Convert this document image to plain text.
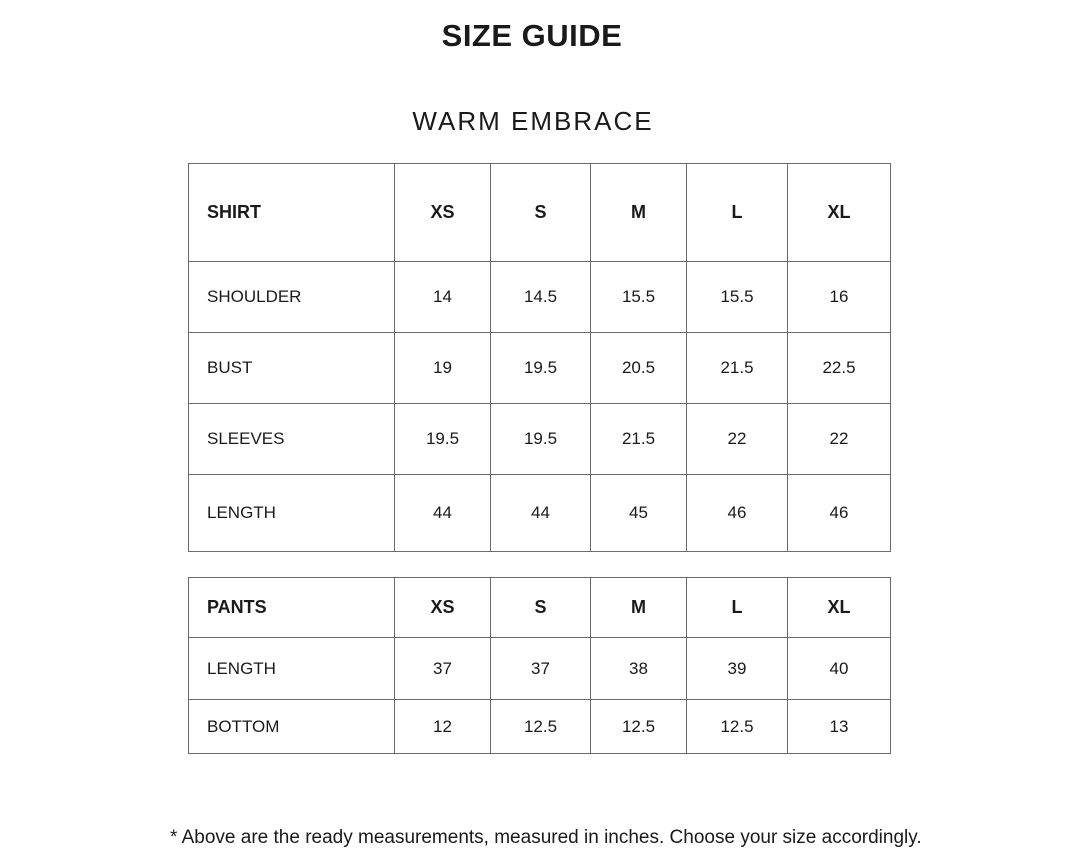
SIZE GUIDE
WARM EMBRACE
SHIRT	XS	S	M	L	XL
SHOULDER	14	14.5	15.5	15.5	16
BUST	19	19.5	20.5	21.5	22.5
SLEEVES	19.5	19.5	21.5	22	22
LENGTH	44	44	45	46	46
PANTS	XS	S	M	L	XL
LENGTH	37	37	38	39	40
BOTTOM	12	12.5	12.5	12.5	13
* Above are the ready measurements, measured in inches. Choose your size accordingly.
